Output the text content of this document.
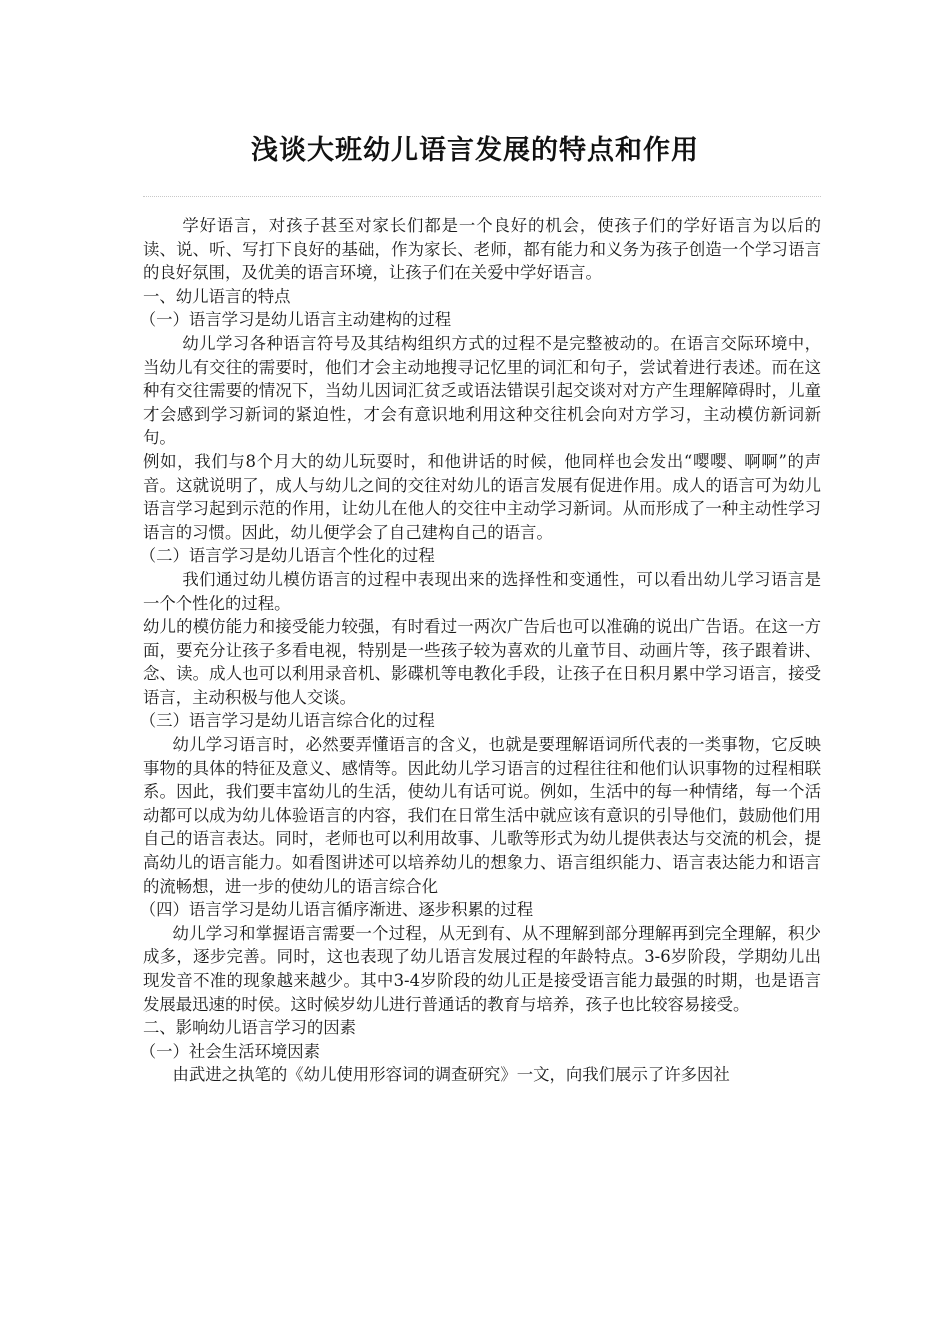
浅谈大班幼儿语言发展的特点和作用

学好语言，对孩子甚至对家长们都是一个良好的机会，使孩子们的学好语言为以后的读、说、听、写打下良好的基础，作为家长、老师，都有能力和义务为孩子创造一个学习语言的良好氛围，及优美的语言环境，让孩子们在关爱中学好语言。

一、幼儿语言的特点

（一）语言学习是幼儿语言主动建构的过程

幼儿学习各种语言符号及其结构组织方式的过程不是完整被动的。在语言交际环境中，当幼儿有交往的需要时，他们才会主动地搜寻记忆里的词汇和句子，尝试着进行表述。而在这种有交往需要的情况下，当幼儿因词汇贫乏或语法错误引起交谈对对方产生理解障碍时，儿童才会感到学习新词的紧迫性，才会有意识地利用这种交往机会向对方学习，主动模仿新词新句。

例如，我们与8个月大的幼儿玩耍时，和他讲话的时候，他同样也会发出“嘤嘤、啊啊”的声音。这就说明了，成人与幼儿之间的交往对幼儿的语言发展有促进作用。成人的语言可为幼儿语言学习起到示范的作用，让幼儿在他人的交往中主动学习新词。从而形成了一种主动性学习语言的习惯。因此，幼儿便学会了自己建构自己的语言。

（二）语言学习是幼儿语言个性化的过程

我们通过幼儿模仿语言的过程中表现出来的选择性和变通性，可以看出幼儿学习语言是一个个性化的过程。

幼儿的模仿能力和接受能力较强，有时看过一两次广告后也可以准确的说出广告语。在这一方面，要充分让孩子多看电视，特别是一些孩子较为喜欢的儿童节目、动画片等，孩子跟着讲、念、读。成人也可以利用录音机、影碟机等电教化手段，让孩子在日积月累中学习语言，接受语言，主动积极与他人交谈。

（三）语言学习是幼儿语言综合化的过程

幼儿学习语言时，必然要弄懂语言的含义，也就是要理解语词所代表的一类事物，它反映事物的具体的特征及意义、感情等。因此幼儿学习语言的过程往往和他们认识事物的过程相联系。因此，我们要丰富幼儿的生活，使幼儿有话可说。例如，生活中的每一种情绪，每一个活动都可以成为幼儿体验语言的内容，我们在日常生活中就应该有意识的引导他们，鼓励他们用自己的语言表达。同时，老师也可以利用故事、儿歌等形式为幼儿提供表达与交流的机会，提高幼儿的语言能力。如看图讲述可以培养幼儿的想象力、语言组织能力、语言表达能力和语言的流畅想，进一步的使幼儿的语言综合化

（四）语言学习是幼儿语言循序渐进、逐步积累的过程

幼儿学习和掌握语言需要一个过程，从无到有、从不理解到部分理解再到完全理解，积少成多，逐步完善。同时，这也表现了幼儿语言发展过程的年龄特点。3-6岁阶段，学期幼儿出现发音不准的现象越来越少。其中3-4岁阶段的幼儿正是接受语言能力最强的时期，也是语言发展最迅速的时侯。这时候岁幼儿进行普通话的教育与培养，孩子也比较容易接受。

二、影响幼儿语言学习的因素

（一）社会生活环境因素

由武进之执笔的《幼儿使用形容词的调查研究》一文，向我们展示了许多因社
